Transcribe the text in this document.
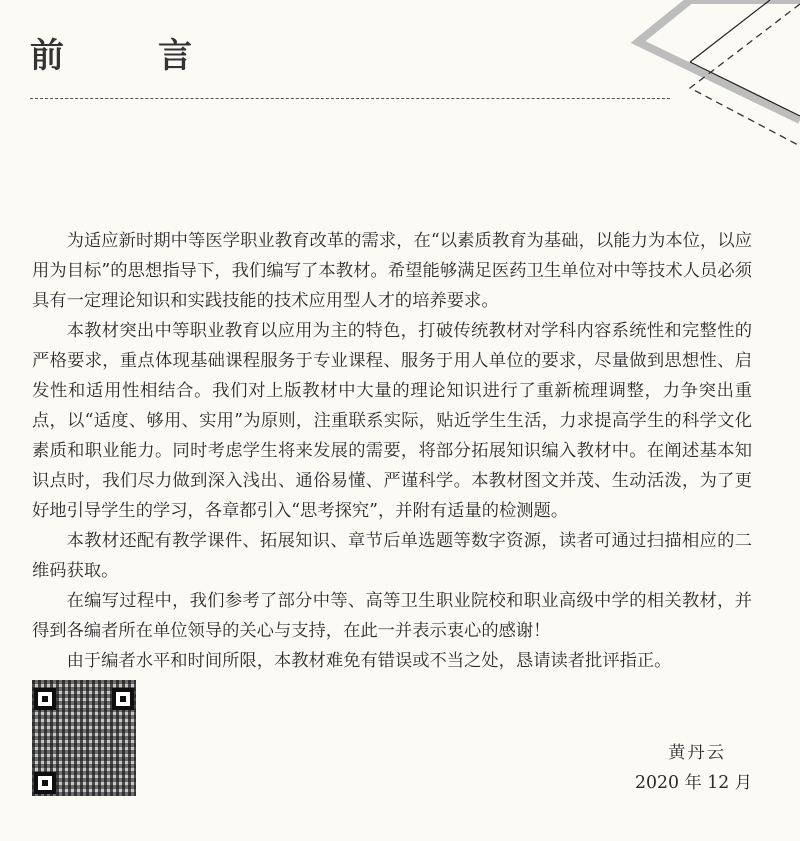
前　言

为适应新时期中等医学职业教育改革的需求，在“以素质教育为基础，以能力为本位，以应用为目标”的思想指导下，我们编写了本教材。希望能够满足医药卫生单位对中等技术人员必须具有一定理论知识和实践技能的技术应用型人才的培养要求。

本教材突出中等职业教育以应用为主的特色，打破传统教材对学科内容系统性和完整性的严格要求，重点体现基础课程服务于专业课程、服务于用人单位的要求，尽量做到思想性、启发性和适用性相结合。我们对上版教材中大量的理论知识进行了重新梳理调整，力争突出重点，以“适度、够用、实用”为原则，注重联系实际，贴近学生生活，力求提高学生的科学文化素质和职业能力。同时考虑学生将来发展的需要，将部分拓展知识编入教材中。在阐述基本知识点时，我们尽力做到深入浅出、通俗易懂、严谨科学。本教材图文并茂、生动活泼，为了更好地引导学生的学习，各章都引入“思考探究”，并附有适量的检测题。

本教材还配有教学课件、拓展知识、章节后单选题等数字资源，读者可通过扫描相应的二维码获取。

在编写过程中，我们参考了部分中等、高等卫生职业院校和职业高级中学的相关教材，并得到各编者所在单位领导的关心与支持，在此一并表示衷心的感谢！

由于编者水平和时间所限，本教材难免有错误或不当之处，恳请读者批评指正。

黄丹云
2020 年 12 月
